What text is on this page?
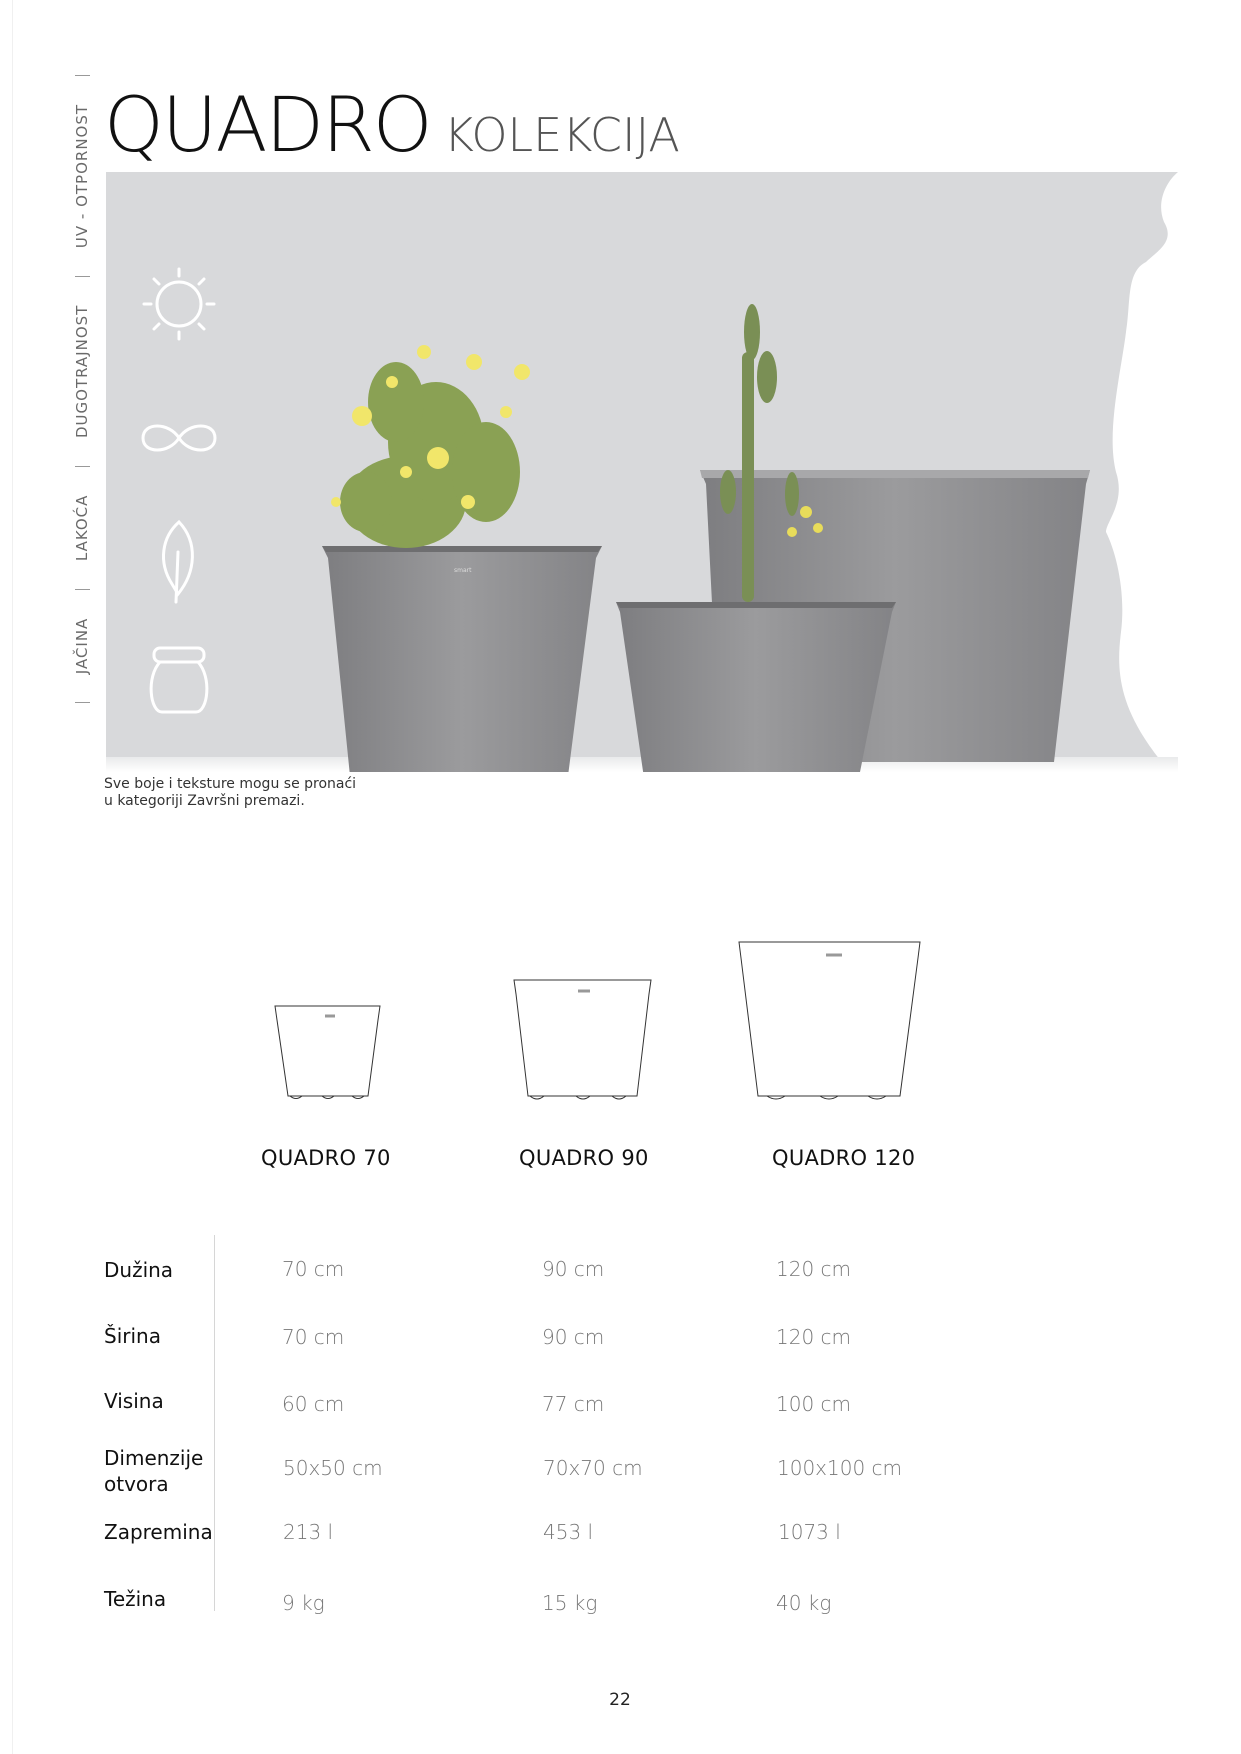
QUADRO KOLEKCIJA
JAČINA  LAKOĆA  DUGOTRAJNOST  UV - OTPORNOST
smart
Sve boje i teksture mogu se pronaći
u kategoriji Završni premazi.
QUADRO 70	QUADRO 90	QUADRO 120
Dužina	70 cm	90 cm	120 cm
Širina	70 cm	90 cm	120 cm
Visina	60 cm	77 cm	100 cm
Dimenzije
otvora
50x50 cm	70x70 cm	100x100 cm
Zapremina	213 l	453 l	1073 l
Težina	9 kg	15 kg	40 kg
22
